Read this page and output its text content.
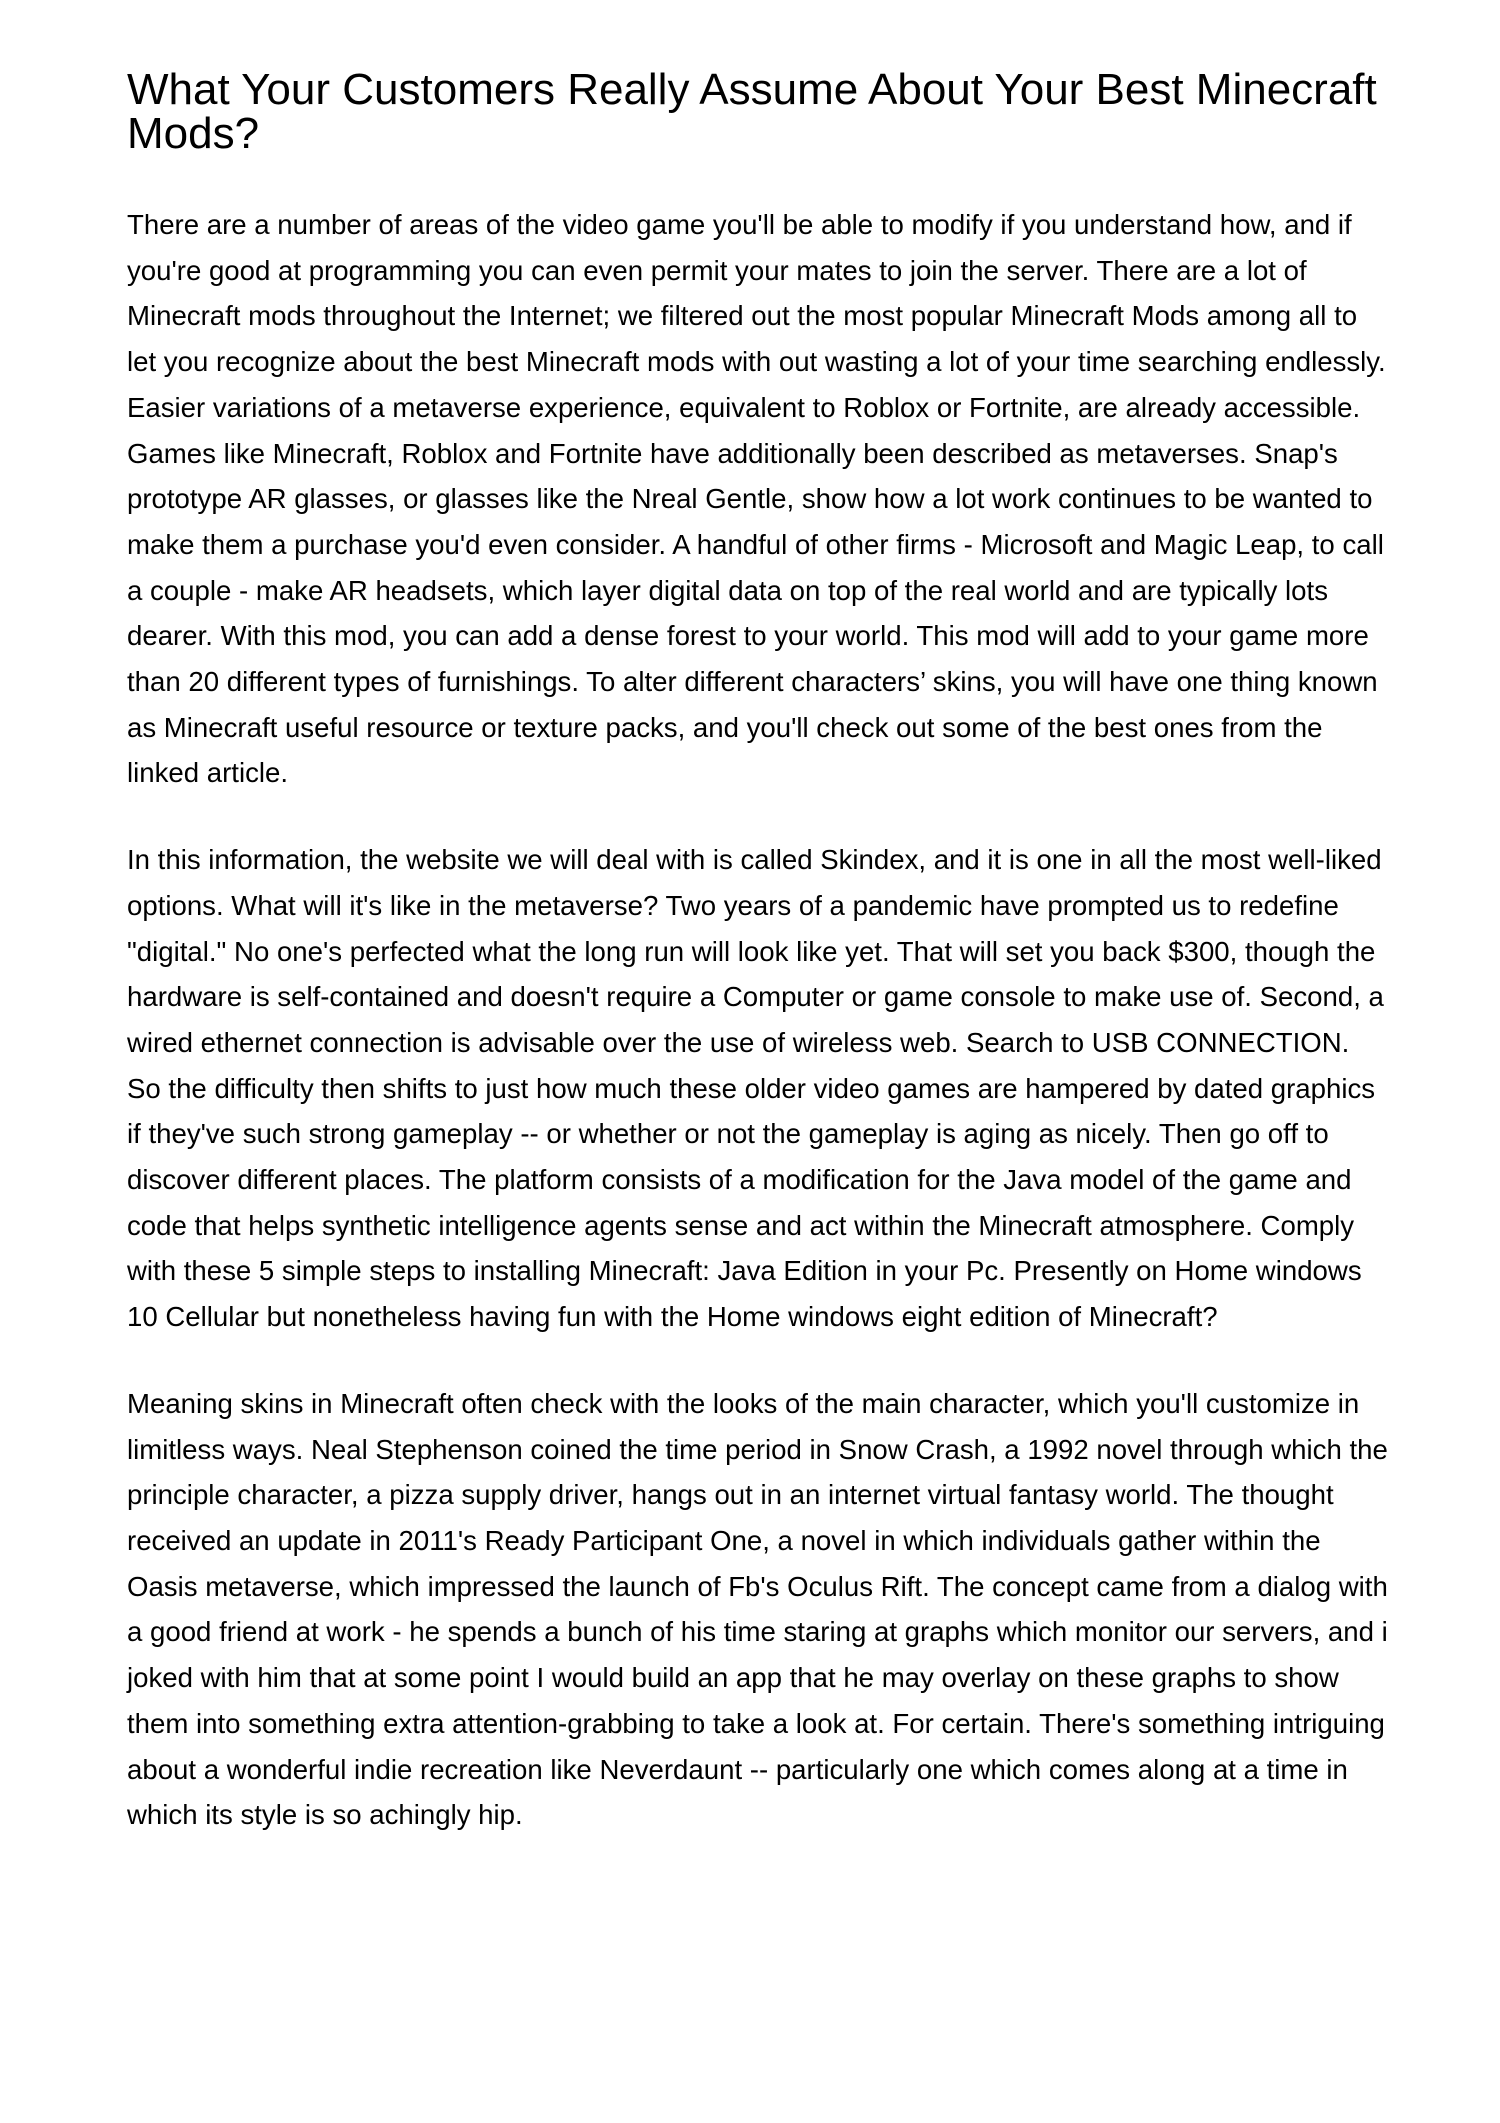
What Your Customers Really Assume About Your Best Minecraft Mods?

There are a number of areas of the video game you'll be able to modify if you understand how, and if you're good at programming you can even permit your mates to join the server. There are a lot of Minecraft mods throughout the Internet; we filtered out the most popular Minecraft Mods among all to let you recognize about the best Minecraft mods with out wasting a lot of your time searching endlessly. Easier variations of a metaverse experience, equivalent to Roblox or Fortnite, are already accessible. Games like Minecraft, Roblox and Fortnite have additionally been described as metaverses. Snap's prototype AR glasses, or glasses like the Nreal Gentle, show how a lot work continues to be wanted to make them a purchase you'd even consider. A handful of other firms - Microsoft and Magic Leap, to call a couple - make AR headsets, which layer digital data on top of the real world and are typically lots dearer. With this mod, you can add a dense forest to your world. This mod will add to your game more than 20 different types of furnishings. To alter different characters’ skins, you will have one thing known as Minecraft useful resource or texture packs, and you'll check out some of the best ones from the linked article.

In this information, the website we will deal with is called Skindex, and it is one in all the most well-liked options. What will it's like in the metaverse? Two years of a pandemic have prompted us to redefine "digital." No one's perfected what the long run will look like yet. That will set you back $300, though the hardware is self-contained and doesn't require a Computer or game console to make use of. Second, a wired ethernet connection is advisable over the use of wireless web. Search to USB CONNECTION. So the difficulty then shifts to just how much these older video games are hampered by dated graphics if they've such strong gameplay -- or whether or not the gameplay is aging as nicely. Then go off to discover different places. The platform consists of a modification for the Java model of the game and code that helps synthetic intelligence agents sense and act within the Minecraft atmosphere. Comply with these 5 simple steps to installing Minecraft: Java Edition in your Pc. Presently on Home windows 10 Cellular but nonetheless having fun with the Home windows eight edition of Minecraft?

Meaning skins in Minecraft often check with the looks of the main character, which you'll customize in limitless ways. Neal Stephenson coined the time period in Snow Crash, a 1992 novel through which the principle character, a pizza supply driver, hangs out in an internet virtual fantasy world. The thought received an update in 2011's Ready Participant One, a novel in which individuals gather within the Oasis metaverse, which impressed the launch of Fb's Oculus Rift. The concept came from a dialog with a good friend at work - he spends a bunch of his time staring at graphs which monitor our servers, and i joked with him that at some point I would build an app that he may overlay on these graphs to show them into something extra attention-grabbing to take a look at. For certain. There's something intriguing about a wonderful indie recreation like Neverdaunt -- particularly one which comes along at a time in which its style is so achingly hip.
